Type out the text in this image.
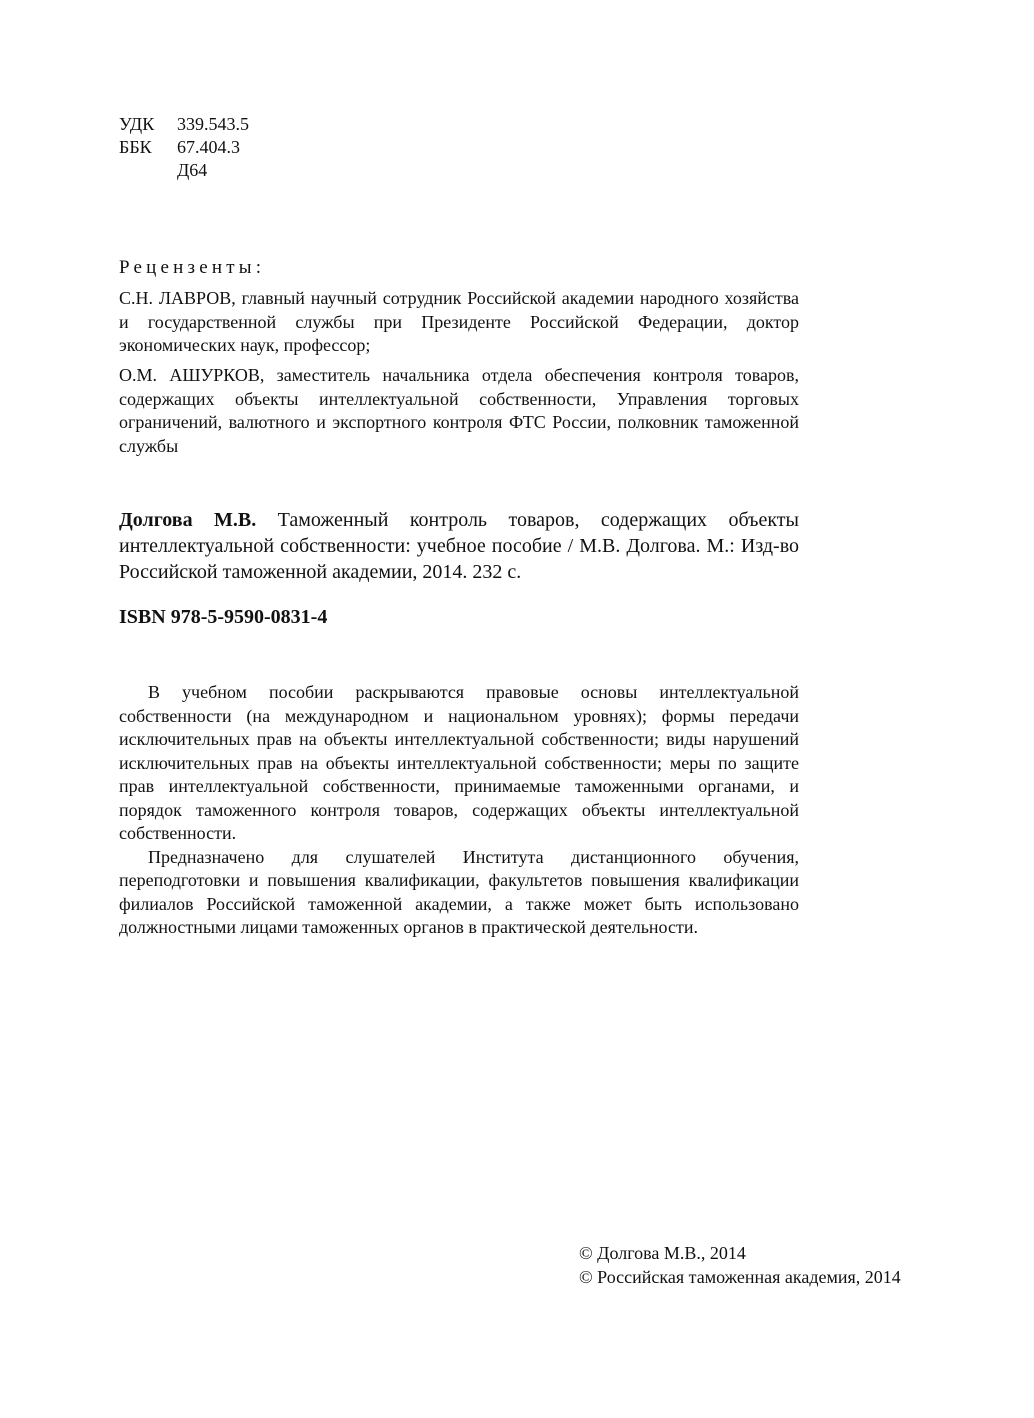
УДК	339.543.5
ББК	67.404.3
Д64
Рецензенты:
С.Н. ЛАВРОВ, главный научный сотрудник Российской академии народного хозяйства и государственной службы при Президенте Российской Федерации, доктор экономических наук, профессор;
О.М. АШУРКОВ, заместитель начальника отдела обеспечения контроля товаров, содержащих объекты интеллектуальной собственности, Управления торговых ограничений, валютного и экспортного контроля ФТС России, полковник таможенной службы
Долгова М.В. Таможенный контроль товаров, содержащих объекты интеллектуальной собственности: учебное пособие / М.В. Долгова. М.: Изд-во Российской таможенной академии, 2014. 232 с.
ISBN 978-5-9590-0831-4

В учебном пособии раскрываются правовые основы интеллектуальной собственности (на международном и национальном уровнях); формы передачи исключительных прав на объекты интеллектуальной собственности; виды нарушений исключительных прав на объекты интеллектуальной собственности; меры по защите прав интеллектуальной собственности, принимаемые таможенными органами, и порядок таможенного контроля товаров, содержащих объекты интеллектуальной собственности.

Предназначено для слушателей Института дистанционного обучения, переподготовки и повышения квалификации, факультетов повышения квалификации филиалов Российской таможенной академии, а также может быть использовано должностными лицами таможенных органов в практической деятельности.

© Долгова М.В., 2014
© Российская таможенная академия, 2014
